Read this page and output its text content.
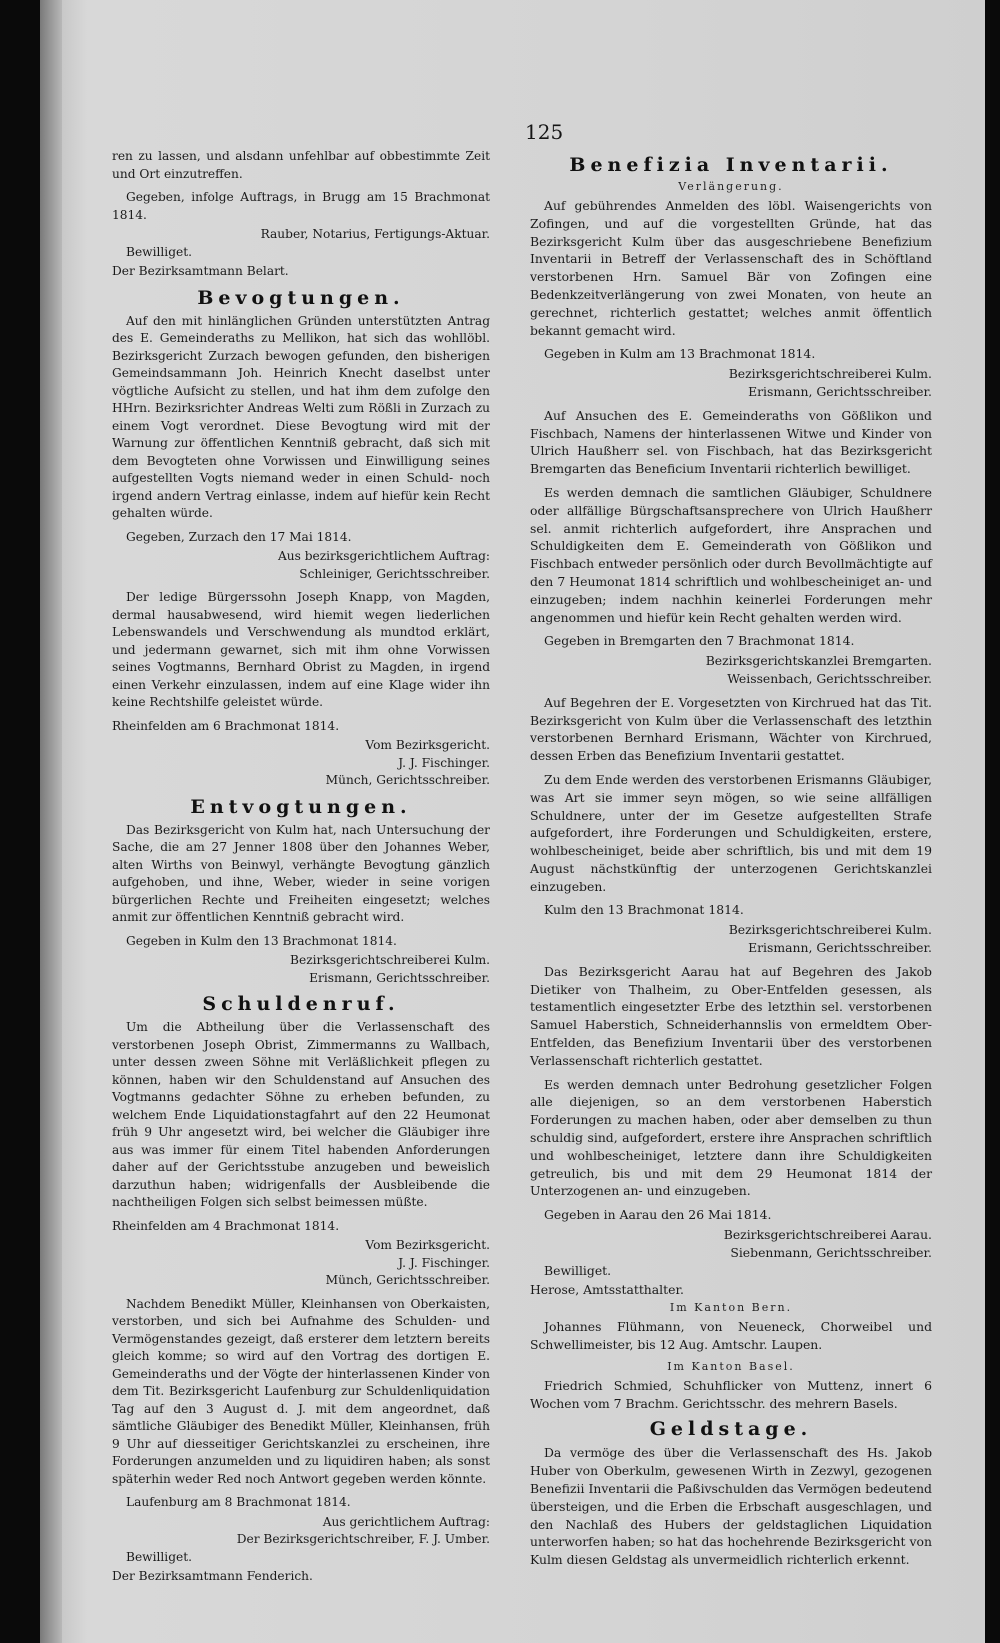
125

ren zu lassen, und alsdann unfehlbar auf obbestimmte Zeit und Ort einzutreffen.

Gegeben, infolge Auftrags, in Brugg am 15 Brachmonat 1814.

Rauber, Notarius, Fertigungs-Aktuar.

Bewilliget.

Der Bezirksamtmann Belart.

Bevogtungen.

Auf den mit hinlänglichen Gründen unterstützten Antrag des E. Gemeinderaths zu Mellikon, hat sich das wohllöbl. Bezirksgericht Zurzach bewogen gefunden, den bisherigen Gemeindsammann Joh. Heinrich Knecht daselbst unter vögtliche Aufsicht zu stellen, und hat ihm dem zufolge den HHrn. Bezirksrichter Andreas Welti zum Rößli in Zurzach zu einem Vogt verordnet. Diese Bevogtung wird mit der Warnung zur öffentlichen Kenntniß gebracht, daß sich mit dem Bevogteten ohne Vorwissen und Einwilligung seines aufgestellten Vogts niemand weder in einen Schuld- noch irgend andern Vertrag einlasse, indem auf hiefür kein Recht gehalten würde.

Gegeben, Zurzach den 17 Mai 1814.

Aus bezirksgerichtlichem Auftrag:

Schleiniger, Gerichtsschreiber.

Der ledige Bürgerssohn Joseph Knapp, von Magden, dermal hausabwesend, wird hiemit wegen liederlichen Lebenswandels und Verschwendung als mundtod erklärt, und jedermann gewarnet, sich mit ihm ohne Vorwissen seines Vogtmanns, Bernhard Obrist zu Magden, in irgend einen Verkehr einzulassen, indem auf eine Klage wider ihn keine Rechtshilfe geleistet würde.

Rheinfelden am 6 Brachmonat 1814.

Vom Bezirksgericht.

J. J. Fischinger.

Münch, Gerichtsschreiber.

Entvogtungen.

Das Bezirksgericht von Kulm hat, nach Untersuchung der Sache, die am 27 Jenner 1808 über den Johannes Weber, alten Wirths von Beinwyl, verhängte Bevogtung gänzlich aufgehoben, und ihne, Weber, wieder in seine vorigen bürgerlichen Rechte und Freiheiten eingesetzt; welches anmit zur öffentlichen Kenntniß gebracht wird.

Gegeben in Kulm den 13 Brachmonat 1814.

Bezirksgerichtschreiberei Kulm.

Erismann, Gerichtsschreiber.

Schuldenruf.

Um die Abtheilung über die Verlassenschaft des verstorbenen Joseph Obrist, Zimmermanns zu Wallbach, unter dessen zween Söhne mit Verläßlichkeit pflegen zu können, haben wir den Schuldenstand auf Ansuchen des Vogtmanns gedachter Söhne zu erheben befunden, zu welchem Ende Liquidationstagfahrt auf den 22 Heumonat früh 9 Uhr angesetzt wird, bei welcher die Gläubiger ihre aus was immer für einem Titel habenden Anforderungen daher auf der Gerichtsstube anzugeben und beweislich darzuthun haben; widrigenfalls der Ausbleibende die nachtheiligen Folgen sich selbst beimessen müßte.

Rheinfelden am 4 Brachmonat 1814.

Vom Bezirksgericht.

J. J. Fischinger.

Münch, Gerichtsschreiber.

Nachdem Benedikt Müller, Kleinhansen von Oberkaisten, verstorben, und sich bei Aufnahme des Schulden- und Vermögenstandes gezeigt, daß ersterer dem letztern bereits gleich komme; so wird auf den Vortrag des dortigen E. Gemeinderaths und der Vögte der hinterlassenen Kinder von dem Tit. Bezirksgericht Laufenburg zur Schuldenliquidation Tag auf den 3 August d. J. mit dem angeordnet, daß sämtliche Gläubiger des Benedikt Müller, Kleinhansen, früh 9 Uhr auf diesseitiger Gerichtskanzlei zu erscheinen, ihre Forderungen anzumelden und zu liquidiren haben; als sonst späterhin weder Red noch Antwort gegeben werden könnte.

Laufenburg am 8 Brachmonat 1814.

Aus gerichtlichem Auftrag:

Der Bezirksgerichtschreiber, F. J. Umber.

Bewilliget.

Der Bezirksamtmann Fenderich.

Benefizia Inventarii.
Verlängerung.

Auf gebührendes Anmelden des löbl. Waisengerichts von Zofingen, und auf die vorgestellten Gründe, hat das Bezirksgericht Kulm über das ausgeschriebene Benefizium Inventarii in Betreff der Verlassenschaft des in Schöftland verstorbenen Hrn. Samuel Bär von Zofingen eine Bedenkzeitverlängerung von zwei Monaten, von heute an gerechnet, richterlich gestattet; welches anmit öffentlich bekannt gemacht wird.

Gegeben in Kulm am 13 Brachmonat 1814.

Bezirksgerichtschreiberei Kulm.

Erismann, Gerichtsschreiber.

Auf Ansuchen des E. Gemeinderaths von Gößlikon und Fischbach, Namens der hinterlassenen Witwe und Kinder von Ulrich Haußherr sel. von Fischbach, hat das Bezirksgericht Bremgarten das Beneficium Inventarii richterlich bewilliget.

Es werden demnach die samtlichen Gläubiger, Schuldnere oder allfällige Bürgschaftsansprechere von Ulrich Haußherr sel. anmit richterlich aufgefordert, ihre Ansprachen und Schuldigkeiten dem E. Gemeinderath von Gößlikon und Fischbach entweder persönlich oder durch Bevollmächtigte auf den 7 Heumonat 1814 schriftlich und wohlbescheiniget an- und einzugeben; indem nachhin keinerlei Forderungen mehr angenommen und hiefür kein Recht gehalten werden wird.

Gegeben in Bremgarten den 7 Brachmonat 1814.

Bezirksgerichtskanzlei Bremgarten.

Weissenbach, Gerichtsschreiber.

Auf Begehren der E. Vorgesetzten von Kirchrued hat das Tit. Bezirksgericht von Kulm über die Verlassenschaft des letzthin verstorbenen Bernhard Erismann, Wächter von Kirchrued, dessen Erben das Benefizium Inventarii gestattet.

Zu dem Ende werden des verstorbenen Erismanns Gläubiger, was Art sie immer seyn mögen, so wie seine allfälligen Schuldnere, unter der im Gesetze aufgestellten Strafe aufgefordert, ihre Forderungen und Schuldigkeiten, erstere, wohlbescheiniget, beide aber schriftlich, bis und mit dem 19 August nächstkünftig der unterzogenen Gerichtskanzlei einzugeben.

Kulm den 13 Brachmonat 1814.

Bezirksgerichtschreiberei Kulm.

Erismann, Gerichtsschreiber.

Das Bezirksgericht Aarau hat auf Begehren des Jakob Dietiker von Thalheim, zu Ober-Entfelden gesessen, als testamentlich eingesetzter Erbe des letzthin sel. verstorbenen Samuel Haberstich, Schneiderhannslis von ermeldtem Ober-Entfelden, das Benefizium Inventarii über des verstorbenen Verlassenschaft richterlich gestattet.

Es werden demnach unter Bedrohung gesetzlicher Folgen alle diejenigen, so an dem verstorbenen Haberstich Forderungen zu machen haben, oder aber demselben zu thun schuldig sind, aufgefordert, erstere ihre Ansprachen schriftlich und wohlbescheiniget, letztere dann ihre Schuldigkeiten getreulich, bis und mit dem 29 Heumonat 1814 der Unterzogenen an- und einzugeben.

Gegeben in Aarau den 26 Mai 1814.

Bezirksgerichtschreiberei Aarau.

Siebenmann, Gerichtsschreiber.

Bewilliget.

Herose, Amtsstatthalter.

Im Kanton Bern.

Johannes Flühmann, von Neueneck, Chorweibel und Schwellimeister, bis 12 Aug. Amtschr. Laupen.

Im Kanton Basel.

Friedrich Schmied, Schuhflicker von Muttenz, innert 6 Wochen vom 7 Brachm. Gerichtsschr. des mehrern Basels.

Geldstage.

Da vermöge des über die Verlassenschaft des Hs. Jakob Huber von Oberkulm, gewesenen Wirth in Zezwyl, gezogenen Benefizii Inventarii die Paßivschulden das Vermögen bedeutend übersteigen, und die Erben die Erbschaft ausgeschlagen, und den Nachlaß des Hubers der geldstaglichen Liquidation unterworfen haben; so hat das hochehrende Bezirksgericht von Kulm diesen Geldstag als unvermeidlich richterlich erkennt.
